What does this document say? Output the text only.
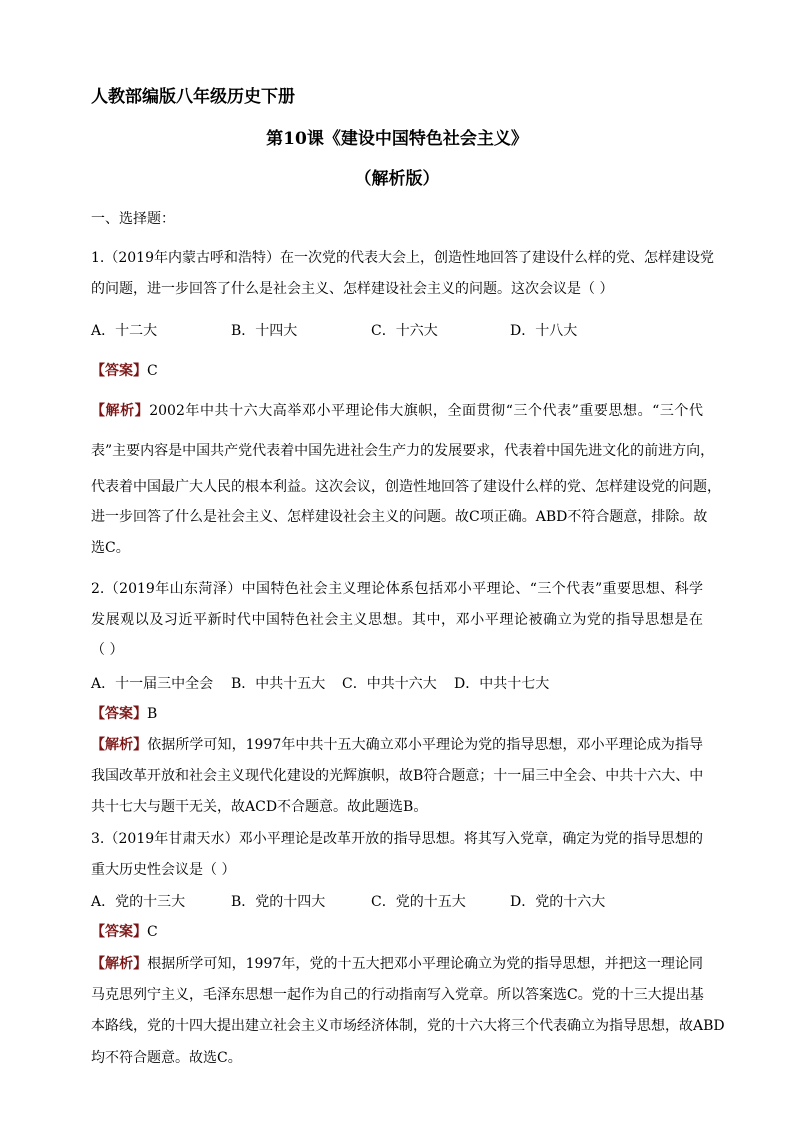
人教部编版八年级历史下册
第10课《建设中国特色社会主义》
（解析版）
一、选择题：
1.（2019年内蒙古呼和浩特）在一次党的代表大会上，创造性地回答了建设什么样的党、怎样建设党
的问题，进一步回答了什么是社会主义、怎样建设社会主义的问题。这次会议是（ ）
A．十二大	B．十四大	C．十六大	D．十八大
【答案】C
【解析】2002年中共十六大高举邓小平理论伟大旗帜，全面贯彻“三个代表”重要思想。“三个代
表”主要内容是中国共产党代表着中国先进社会生产力的发展要求，代表着中国先进文化的前进方向，
代表着中国最广大人民的根本利益。这次会议，创造性地回答了建设什么样的党、怎样建设党的问题，
进一步回答了什么是社会主义、怎样建设社会主义的问题。故C项正确。ABD不符合题意，排除。故
选C。
2.（2019年山东菏泽）中国特色社会主义理论体系包括邓小平理论、“三个代表”重要思想、科学
发展观以及习近平新时代中国特色社会主义思想。其中，邓小平理论被确立为党的指导思想是在
（ ）
A．十一届三中全会 B．中共十五大 C．中共十六大 D．中共十七大
【答案】B
【解析】依据所学可知，1997年中共十五大确立邓小平理论为党的指导思想，邓小平理论成为指导
我国改革开放和社会主义现代化建设的光辉旗帜，故B符合题意；十一届三中全会、中共十六大、中
共十七大与题干无关，故ACD不合题意。故此题选B。
3.（2019年甘肃天水）邓小平理论是改革开放的指导思想。将其写入党章，确定为党的指导思想的
重大历史性会议是（ ）
A．党的十三大	B．党的十四大	C．党的十五大	D．党的十六大
【答案】C
【解析】根据所学可知，1997年，党的十五大把邓小平理论确立为党的指导思想，并把这一理论同
马克思列宁主义，毛泽东思想一起作为自己的行动指南写入党章。所以答案选C。党的十三大提出基
本路线，党的十四大提出建立社会主义市场经济体制，党的十六大将三个代表确立为指导思想，故ABD
均不符合题意。故选C。
